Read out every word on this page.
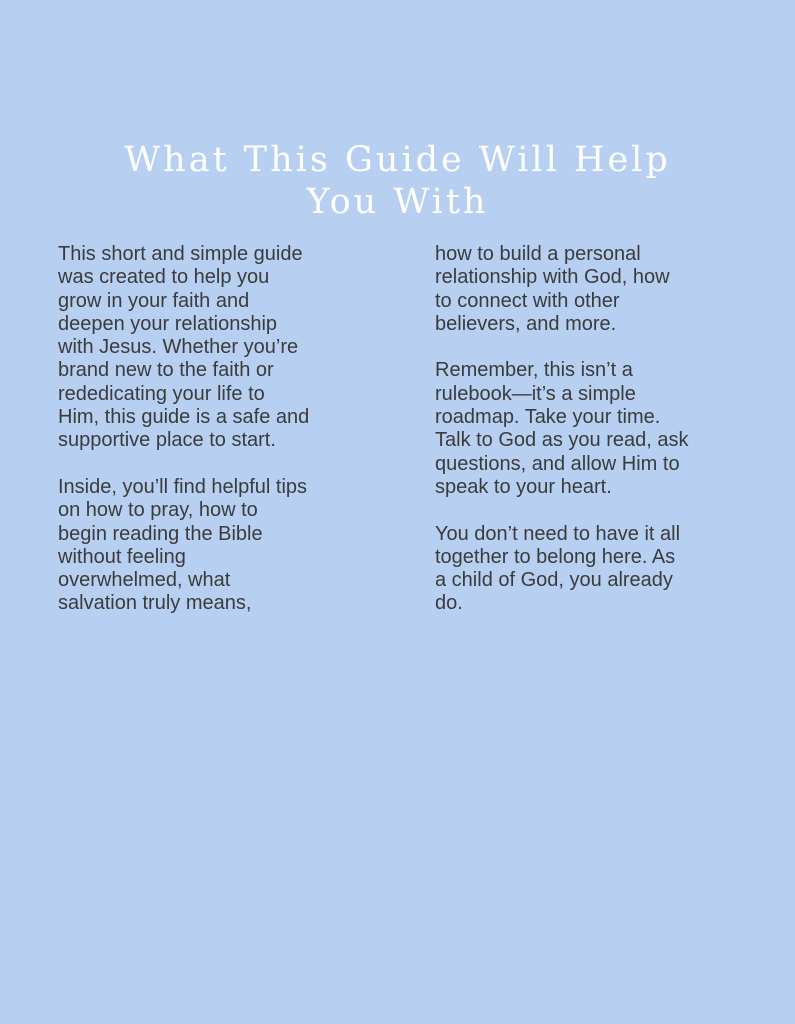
What This Guide Will Help
You With

This short and simple guide
was created to help you
grow in your faith and
deepen your relationship
with Jesus. Whether you’re
brand new to the faith or
rededicating your life to
Him, this guide is a safe and
supportive place to start.

Inside, you’ll find helpful tips
on how to pray, how to
begin reading the Bible
without feeling
overwhelmed, what
salvation truly means,

how to build a personal
relationship with God, how
to connect with other
believers, and more.

Remember, this isn’t a
rulebook—it’s a simple
roadmap. Take your time.
Talk to God as you read, ask
questions, and allow Him to
speak to your heart.

You don’t need to have it all
together to belong here. As
a child of God, you already
do.
